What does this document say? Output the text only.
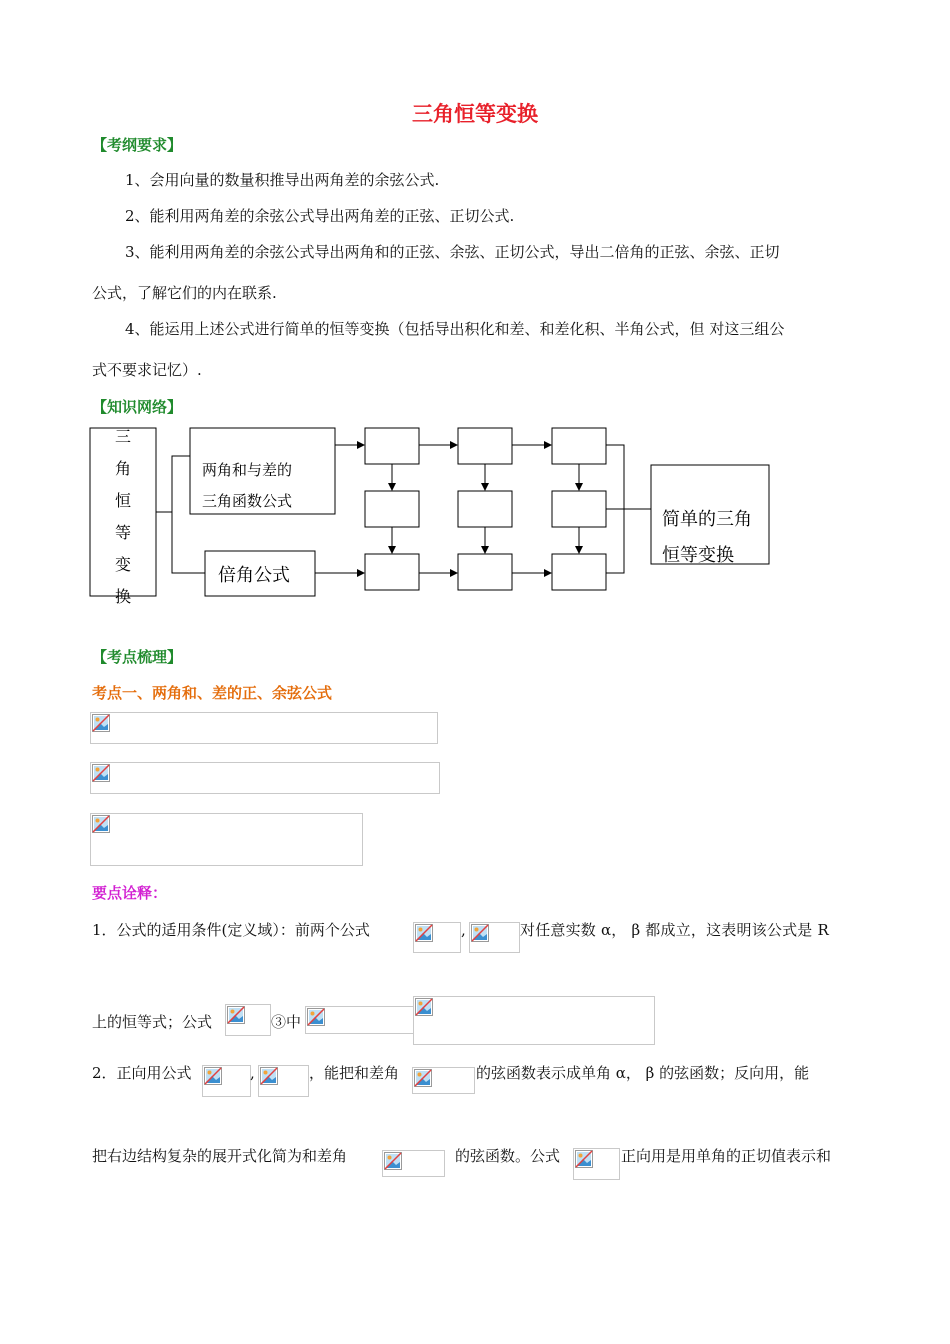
三角恒等变换
【考纲要求】
1、会用向量的数量积推导出两角差的余弦公式.
2、能利用两角差的余弦公式导出两角差的正弦、正切公式.
3、能利用两角差的余弦公式导出两角和的正弦、余弦、正切公式，导出二倍角的正弦、余弦、正切
公式，了解它们的内在联系.
4、能运用上述公式进行简单的恒等变换（包括导出积化和差、和差化积、半角公式，但 对这三组公
式不要求记忆）.
【知识网络】
三
角
恒
等
变
换
两角和与差的
三角函数公式
倍角公式
简单的三角
恒等变换
【考点梳理】
考点一、两角和、差的正、余弦公式
要点诠释：
1．公式的适用条件(定义域）：前两个公式	,	对任意实数 α， β 都成立，这表明该公式是 R
上的恒等式；公式	③中
2．正向用公式	,	，能把和差角	的弦函数表示成单角 α， β 的弦函数；反向用，能
把右边结构复杂的展开式化简为和差角	的弦函数。公式	正向用是用单角的正切值表示和
